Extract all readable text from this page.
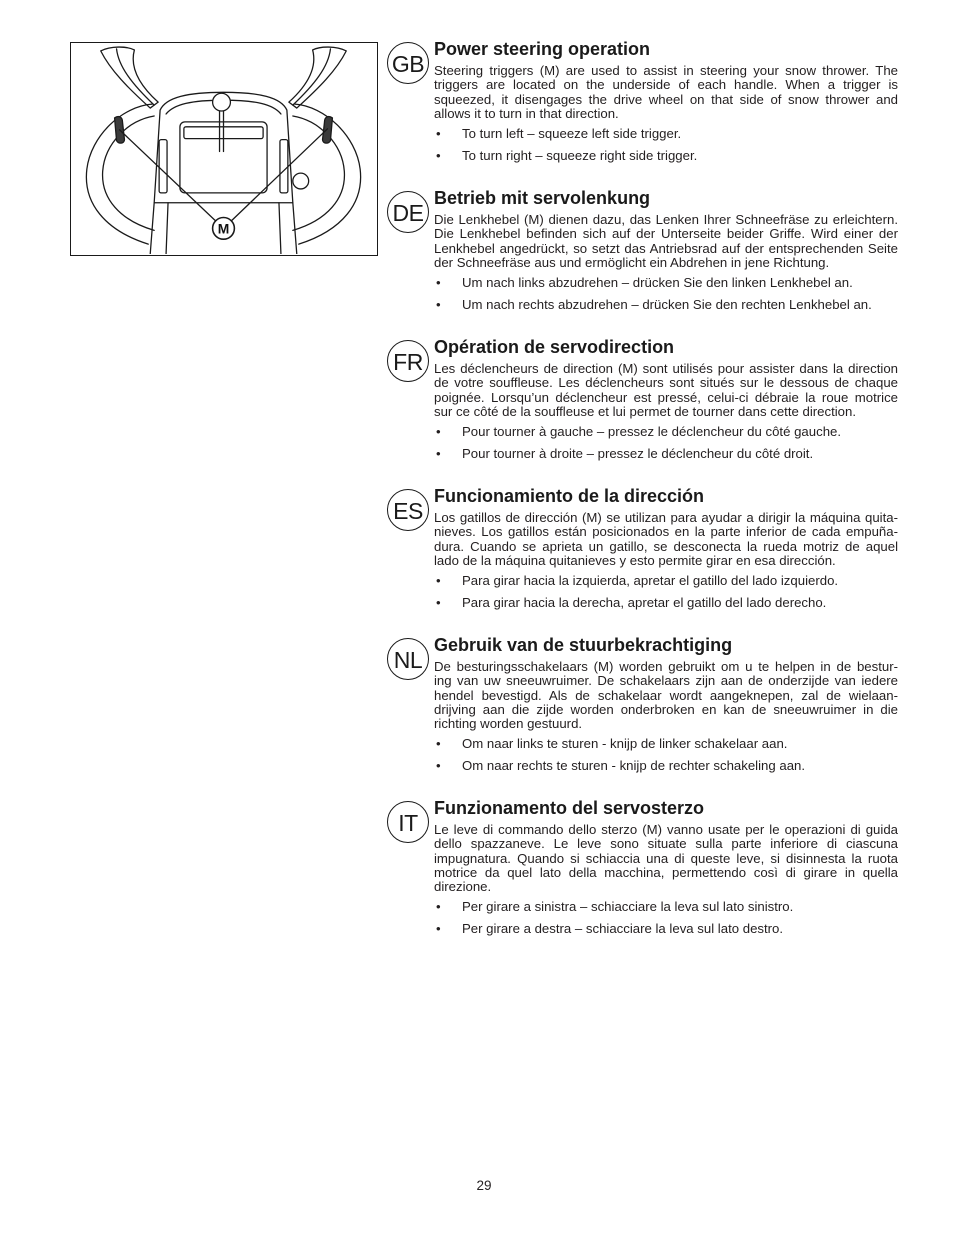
M
GB
Power steering operation
Steering triggers (M) are used to assist in steering your snow thrower. The
triggers are located on the underside of each handle. When a trigger is
squeezed, it disengages the drive wheel on that side of snow thrower and
allows it to turn in that direction.
• To turn left – squeeze left side trigger.
• To turn right – squeeze right side trigger.
DE
Betrieb mit servolenkung
Die Lenkhebel (M) dienen dazu, das Lenken Ihrer Schneefräse zu erleichtern.
Die Lenkhebel befinden sich auf der Unterseite beider Griffe. Wird einer der
Lenkhebel angedrückt, so setzt das Antriebsrad auf der entsprechenden Seite
der Schneefräse aus und ermöglicht ein Abdrehen in jene Richtung.
• Um nach links abzudrehen – drücken Sie den linken Lenkhebel an.
• Um nach rechts abzudrehen – drücken Sie den rechten Lenkhebel an.
FR
Opération de servodirection
Les déclencheurs de direction (M) sont utilisés pour assister dans la direction
de votre souffleuse. Les déclencheurs sont situés sur le dessous de chaque
poignée. Lorsqu’un déclencheur est pressé, celui-ci débraie la roue motrice
sur ce côté de la souffleuse et lui permet de tourner dans cette direction.
• Pour tourner à gauche – pressez le déclencheur du côté gauche.
• Pour tourner à droite – pressez le déclencheur du côté droit.
ES
Funcionamiento de la dirección
Los gatillos de dirección (M) se utilizan para ayudar a dirigir la máquina quita-
nieves. Los gatillos están posicionados en la parte inferior de cada empuña-
dura. Cuando se aprieta un gatillo, se desconecta la rueda motriz de aquel
lado de la máquina quitanieves y esto permite girar en esa dirección.
• Para girar hacia la izquierda, apretar el gatillo del lado izquierdo.
• Para girar hacia la derecha, apretar el gatillo del lado derecho.
NL
Gebruik van de stuurbekrachtiging
De besturingsschakelaars (M) worden gebruikt om u te helpen in de bestur-
ing van uw sneeuwruimer. De schakelaars zijn aan de onderzijde van iedere
hendel bevestigd. Als de schakelaar wordt aangeknepen, zal de wielaan-
drijving aan die zijde worden onderbroken en kan de sneeuwruimer in die
richting worden gestuurd.
• Om naar links te sturen - knijp de linker schakelaar aan.
• Om naar rechts te sturen - knijp de rechter schakeling aan.
IT
Funzionamento del servosterzo
Le leve di commando dello sterzo (M) vanno usate per le operazioni di guida
dello spazzaneve. Le leve sono situate sulla parte inferiore di ciascuna
impugnatura. Quando si schiaccia una di queste leve, si disinnesta la ruota
motrice da quel lato della macchina, permettendo così di girare in quella
direzione.
• Per girare a sinistra – schiacciare la leva sul lato sinistro.
• Per girare a destra – schiacciare la leva sul lato destro.
29
